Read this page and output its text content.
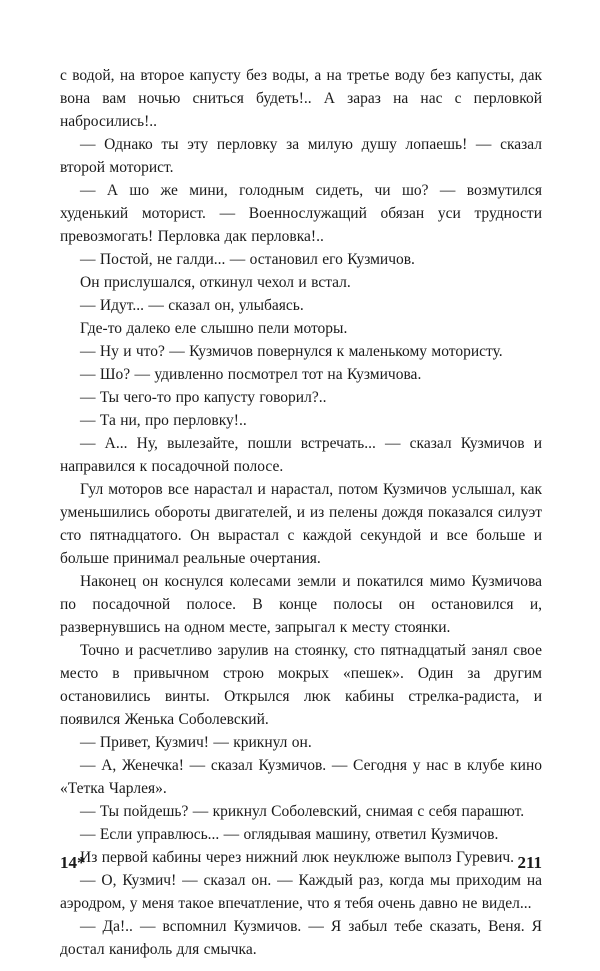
с водой, на второе капусту без воды, а на третье воду без капусты, дак вона вам ночью сниться будеть!.. А зараз на нас с перловкой набросились!..

— Однако ты эту перловку за милую душу лопаешь! — сказал второй моторист.

— А шо же мини, голодным сидеть, чи шо? — возмутился худенький моторист. — Военнослужащий обязан уси трудности превозмогать! Перловка дак перловка!..

— Постой, не галди... — остановил его Кузмичов.

Он прислушался, откинул чехол и встал.

— Идут... — сказал он, улыбаясь.

Где-то далеко еле слышно пели моторы.

— Ну и что? — Кузмичов повернулся к маленькому мотористу.

— Шо? — удивленно посмотрел тот на Кузмичова.

— Ты чего-то про капусту говорил?..

— Та ни, про перловку!..

— А... Ну, вылезайте, пошли встречать... — сказал Кузмичов и направился к посадочной полосе.

Гул моторов все нарастал и нарастал, потом Кузмичов услышал, как уменьшились обороты двигателей, и из пелены дождя показался силуэт сто пятнадцатого. Он вырастал с каждой секундой и все больше и больше принимал реальные очертания.

Наконец он коснулся колесами земли и покатился мимо Кузмичова по посадочной полосе. В конце полосы он остановился и, развернувшись на одном месте, запрыгал к месту стоянки.

Точно и расчетливо зарулив на стоянку, сто пятнадцатый занял свое место в привычном строю мокрых «пешек». Один за другим остановились винты. Открылся люк кабины стрелка-радиста, и появился Женька Соболевский.

— Привет, Кузмич! — крикнул он.

— А, Женечка! — сказал Кузмичов. — Сегодня у нас в клубе кино «Тетка Чарлея».

— Ты пойдешь? — крикнул Соболевский, снимая с себя парашют.

— Если управлюсь... — оглядывая машину, ответил Кузмичов.

Из первой кабины через нижний люк неуклюже выполз Гуревич.

— О, Кузмич! — сказал он. — Каждый раз, когда мы приходим на аэродром, у меня такое впечатление, что я тебя очень давно не видел...

— Да!.. — вспомнил Кузмичов. — Я забыл тебе сказать, Веня. Я достал канифоль для смычка.

14*	211
